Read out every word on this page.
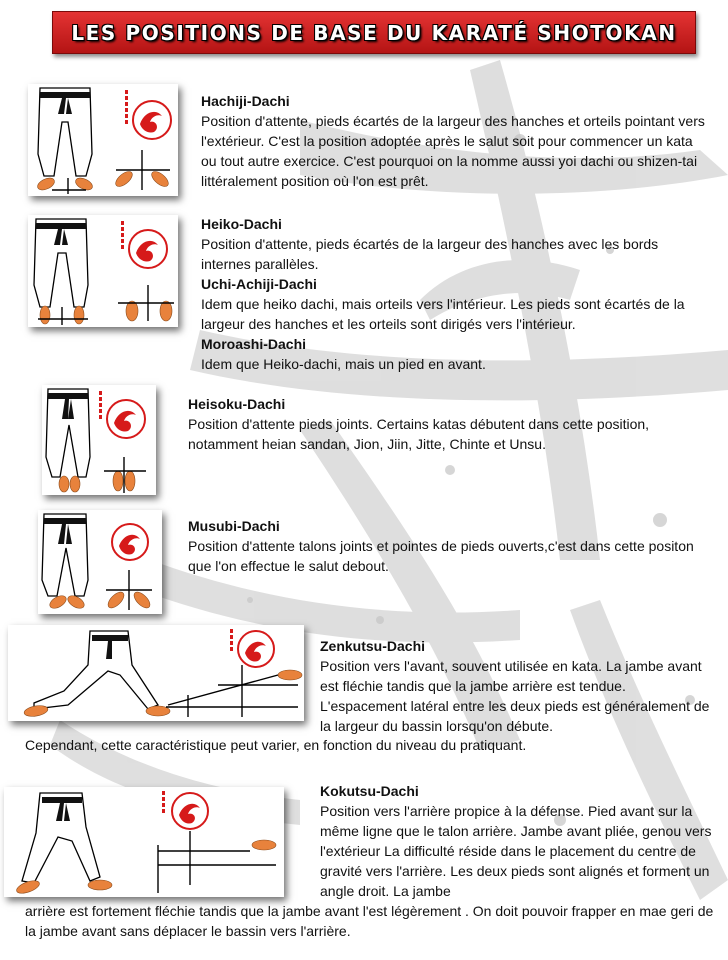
LES POSITIONS DE BASE DU KARATÉ SHOTOKAN
Hachiji-Dachi
Position d'attente, pieds écartés de la largeur des hanches et orteils pointant vers l'extérieur. C'est la position adoptée après le salut soit pour commencer un kata ou tout autre exercice. C'est pourquoi on la nomme aussi yoi dachi ou shizen-tai littéralement position où l'on est prêt.
Heiko-Dachi
Position d'attente, pieds écartés de la largeur des hanches avec les bords internes parallèles.
Uchi-Achiji-Dachi
Idem que heiko dachi, mais orteils vers l'intérieur. Les pieds sont écartés de la largeur des hanches et les orteils sont dirigés vers l'intérieur.
Moroashi-Dachi
Idem que Heiko-dachi, mais un pied en avant.
Heisoku-Dachi
Position d'attente pieds joints. Certains katas débutent dans cette position, notamment heian sandan, Jion, Jiin, Jitte, Chinte et Unsu.
Musubi-Dachi
Position d'attente talons joints et pointes de pieds ouverts,c'est dans cette positon que l'on effectue le salut debout.
Zenkutsu-Dachi
Position vers l'avant, souvent utilisée en kata. La jambe avant est fléchie tandis que la jambe arrière est tendue. L'espacement latéral entre les deux pieds est généralement de la largeur du bassin lorsqu'on débute.
Cependant, cette caractéristique peut varier, en fonction du niveau du pratiquant.
Kokutsu-Dachi
Position vers l'arrière propice à la défense. Pied avant sur la même ligne que le talon arrière. Jambe avant pliée, genou vers l'extérieur La difficulté réside dans le placement du centre de gravité vers l'arrière. Les deux pieds sont alignés et forment un angle droit. La jambe
arrière est fortement fléchie tandis que la jambe avant l'est légèrement . On doit pouvoir frapper en mae geri de la jambe avant sans déplacer le bassin vers l'arrière.
